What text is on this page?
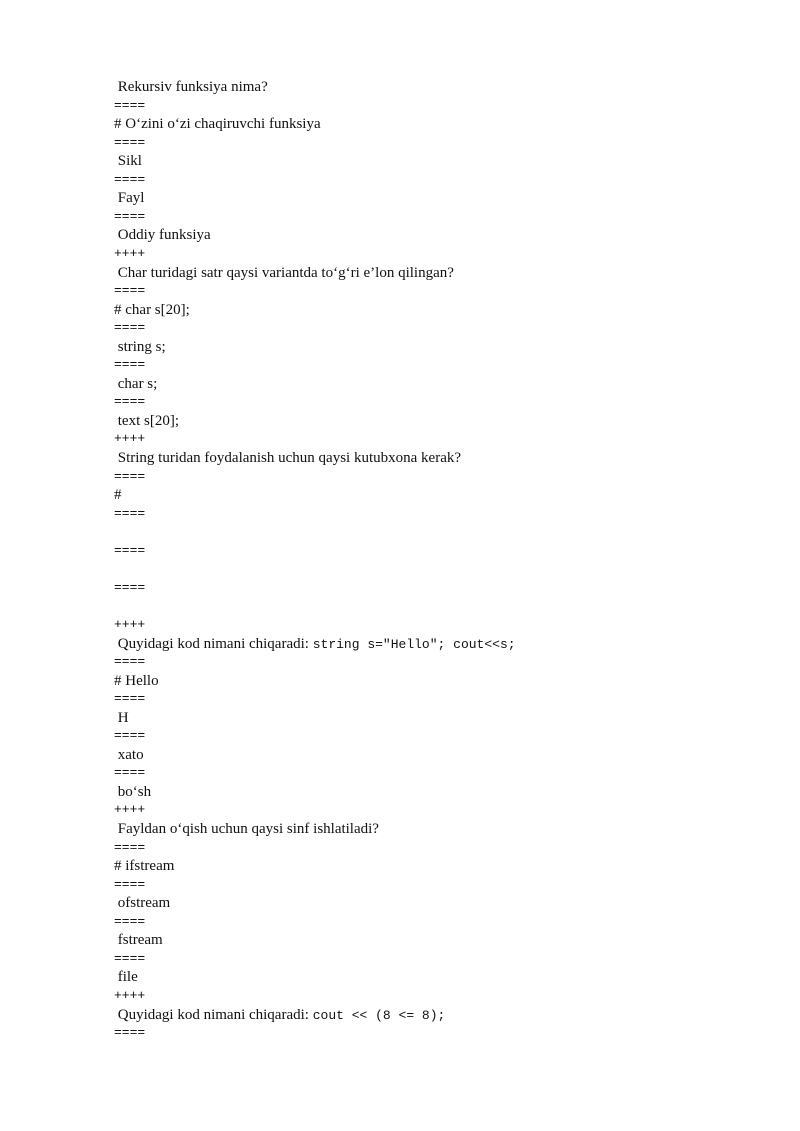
Rekursiv funksiya nima?
====
# O‘zini o‘zi chaqiruvchi funksiya
====
Sikl
====
Fayl
====
Oddiy funksiya
++++
Char turidagi satr qaysi variantda to‘g‘ri e’lon qilingan?
====
# char s[20];
====
string s;
====
char s;
====
text s[20];
++++
String turidan foydalanish uchun qaysi kutubxona kerak?
====
#
====
====
====
++++
Quyidagi kod nimani chiqaradi: string s="Hello"; cout<<s;
====
# Hello
====
H
====
xato
====
bo‘sh
++++
Fayldan o‘qish uchun qaysi sinf ishlatiladi?
====
# ifstream
====
ofstream
====
fstream
====
file
++++
Quyidagi kod nimani chiqaradi: cout << (8 <= 8);
====
